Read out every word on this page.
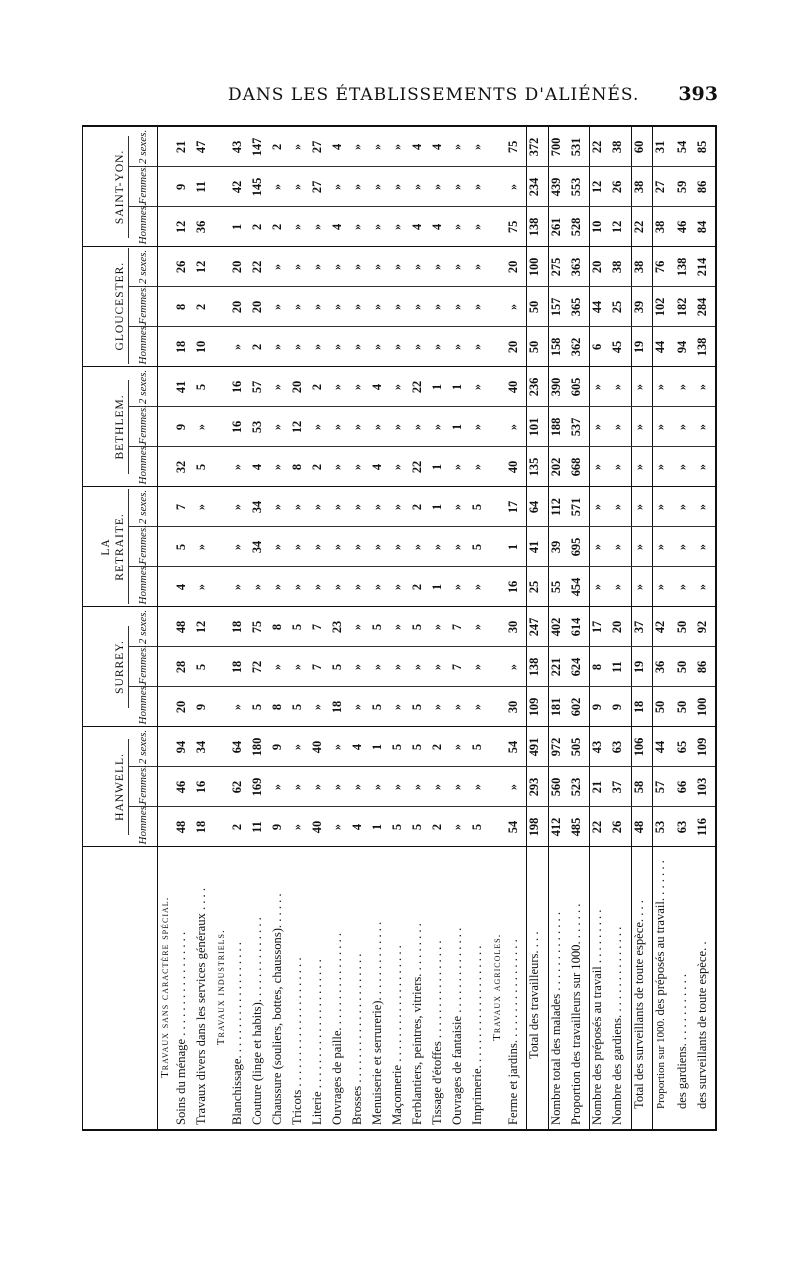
DANS LES ÉTABLISSEMENTS D'ALIÉNÉS. 393
	HANWELL.			SURREY.			LA RETRAITE.			BETHLEM.			GLOUCESTER.			SAINT-YON.		
	Hommes.	Femmes.	2 sexes.	Hommes.	Femmes.	2 sexes.	Hommes.	Femmes.	2 sexes.	Hommes.	Femmes.	2 sexes.	Hommes.	Femmes.	2 sexes.	Hommes.	Femmes.	2 sexes.
Travaux sans caractère spécial.																		
Soins du ménage . . . . . . . . . . . . . . . . .	48	46	94	20	28	48	4	5	7	32	9	41	18	8	26	12	9	21
Travaux divers dans les services généraux . . . .	18	16	34	9	5	12	»	»	»	5	»	5	10	2	12	36	11	47
Travaux industriels.																		
Blanchissage. . . . . . . . . . . . . . . . . . .	2	62	64	»	18	18	»	»	»	»	16	16	»	20	20	1	42	43
Couture (linge et habits). . . . . . . . . . . . . .	11	169	180	5	72	75	»	34	34	4	53	57	2	20	22	2	145	147
Chaussure (souliers, bottes, chaussons). . . . . .	9	»	9	8	»	8	»	»	»	»	»	»	»	»	»	2	»	2
Tricots . . . . . . . . . . . . . . . . . . . . .	»	»	»	5	»	5	»	»	»	8	12	20	»	»	»	»	»	»
Literie . . . . . . . . . . . . . . . . . . . . .	40	»	40	»	7	7	»	»	»	2	»	2	»	»	»	»	27	27
Ouvrages de paille. . . . . . . . . . . . . . . .	»	»	»	18	5	23	»	»	»	»	»	»	»	»	»	4	»	4
Brosses . . . . . . . . . . . . . . . . . . . . .	4	»	4	»	»	»	»	»	»	»	»	»	»	»	»	»	»	»
Menuiserie et serrurerie). . . . . . . . . . . . .	1	»	1	5	»	5	»	»	»	4	»	4	»	»	»	»	»	»
Maçonnerie . . . . . . . . . . . . . . . . . . .	5	»	5	»	»	»	»	»	»	»	»	»	»	»	»	»	»	»
Ferblantiers, peintres, vitriers. . . . . . . . .	5	»	5	5	»	5	2	»	2	22	»	22	»	»	»	4	»	4
Tissage d'étoffes . . . . . . . . . . . . . . . .	2	»	2	»	»	»	1	»	1	1	»	1	»	»	»	4	»	4
Ouvrages de fantaisie . . . . . . . . . . . . . .	»	»	»	»	7	7	»	»	»	»	1	1	»	»	»	»	»	»
Imprimerie. . . . . . . . . . . . . . . . . . . .	5	»	5	»	»	»	»	5	5	»	»	»	»	»	»	»	»	»
Travaux agricoles.																		
Ferme et jardins. . . . . . . . . . . . . . . . .	54	»	54	30	»	30	16	1	17	40	»	40	20	»	20	75	»	75
Total des travailleurs. . . .	198	293	491	109	138	247	25	41	64	135	101	236	50	50	100	138	234	372
Nombre total des malades . . . . . . . . . . . . .	412	560	972	181	221	402	55	39	112	202	188	390	158	157	275	261	439	700
Proportion des travailleurs sur 1000. . . . . . .	485	523	505	602	624	614	454	695	571	668	537	605	362	365	363	528	553	531
Nombre des préposés au travail . . . . . . . . .	22	21	43	9	8	17	»	»	»	»	»	»	6	44	20	10	12	22
Nombre des gardiens. . . . . . . . . . . . . . .	26	37	63	9	11	20	»	»	»	»	»	»	45	25	38	12	26	38
Total des surveillants de toute espèce. . . .	48	58	106	18	19	37	»	»	»	»	»	»	19	39	38	22	38	60
Proportion sur 1000. des préposés au travail. . . . . . .	53	57	44	50	36	42	»	»	»	»	»	»	44	102	76	38	27	31
des gardiens. . . . . . . . . . . .	63	66	65	50	50	50	»	»	»	»	»	»	94	182	138	46	59	54
des surveillants de toute espèce. .	116	103	109	100	86	92	»	»	»	»	»	»	138	284	214	84	86	85
